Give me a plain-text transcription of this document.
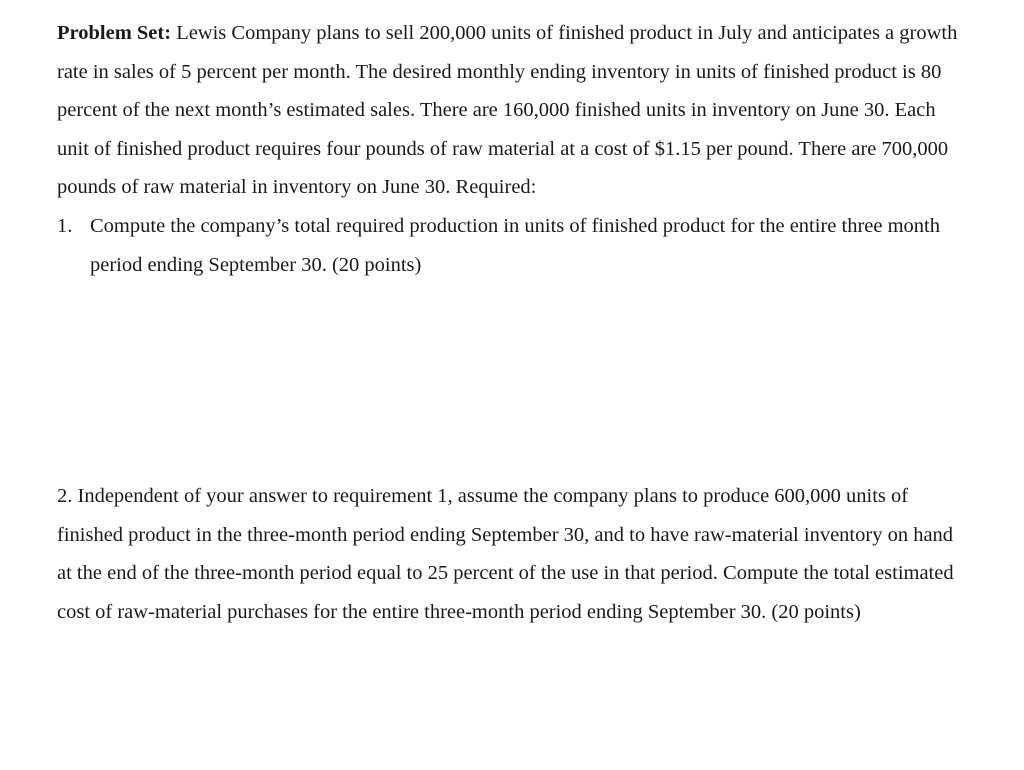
Problem Set: Lewis Company plans to sell 200,000 units of finished product in July and anticipates a growth rate in sales of 5 percent per month. The desired monthly ending inventory in units of finished product is 80 percent of the next month’s estimated sales. There are 160,000 finished units in inventory on June 30. Each unit of finished product requires four pounds of raw material at a cost of $1.15 per pound. There are 700,000 pounds of raw material in inventory on June 30. Required:

1. Compute the company’s total required production in units of finished product for the entire three month period ending September 30. (20 points)

2. Independent of your answer to requirement 1, assume the company plans to produce 600,000 units of finished product in the three-month period ending September 30, and to have raw-material inventory on hand at the end of the three-month period equal to 25 percent of the use in that period. Compute the total estimated cost of raw-material purchases for the entire three-month period ending September 30. (20 points)
